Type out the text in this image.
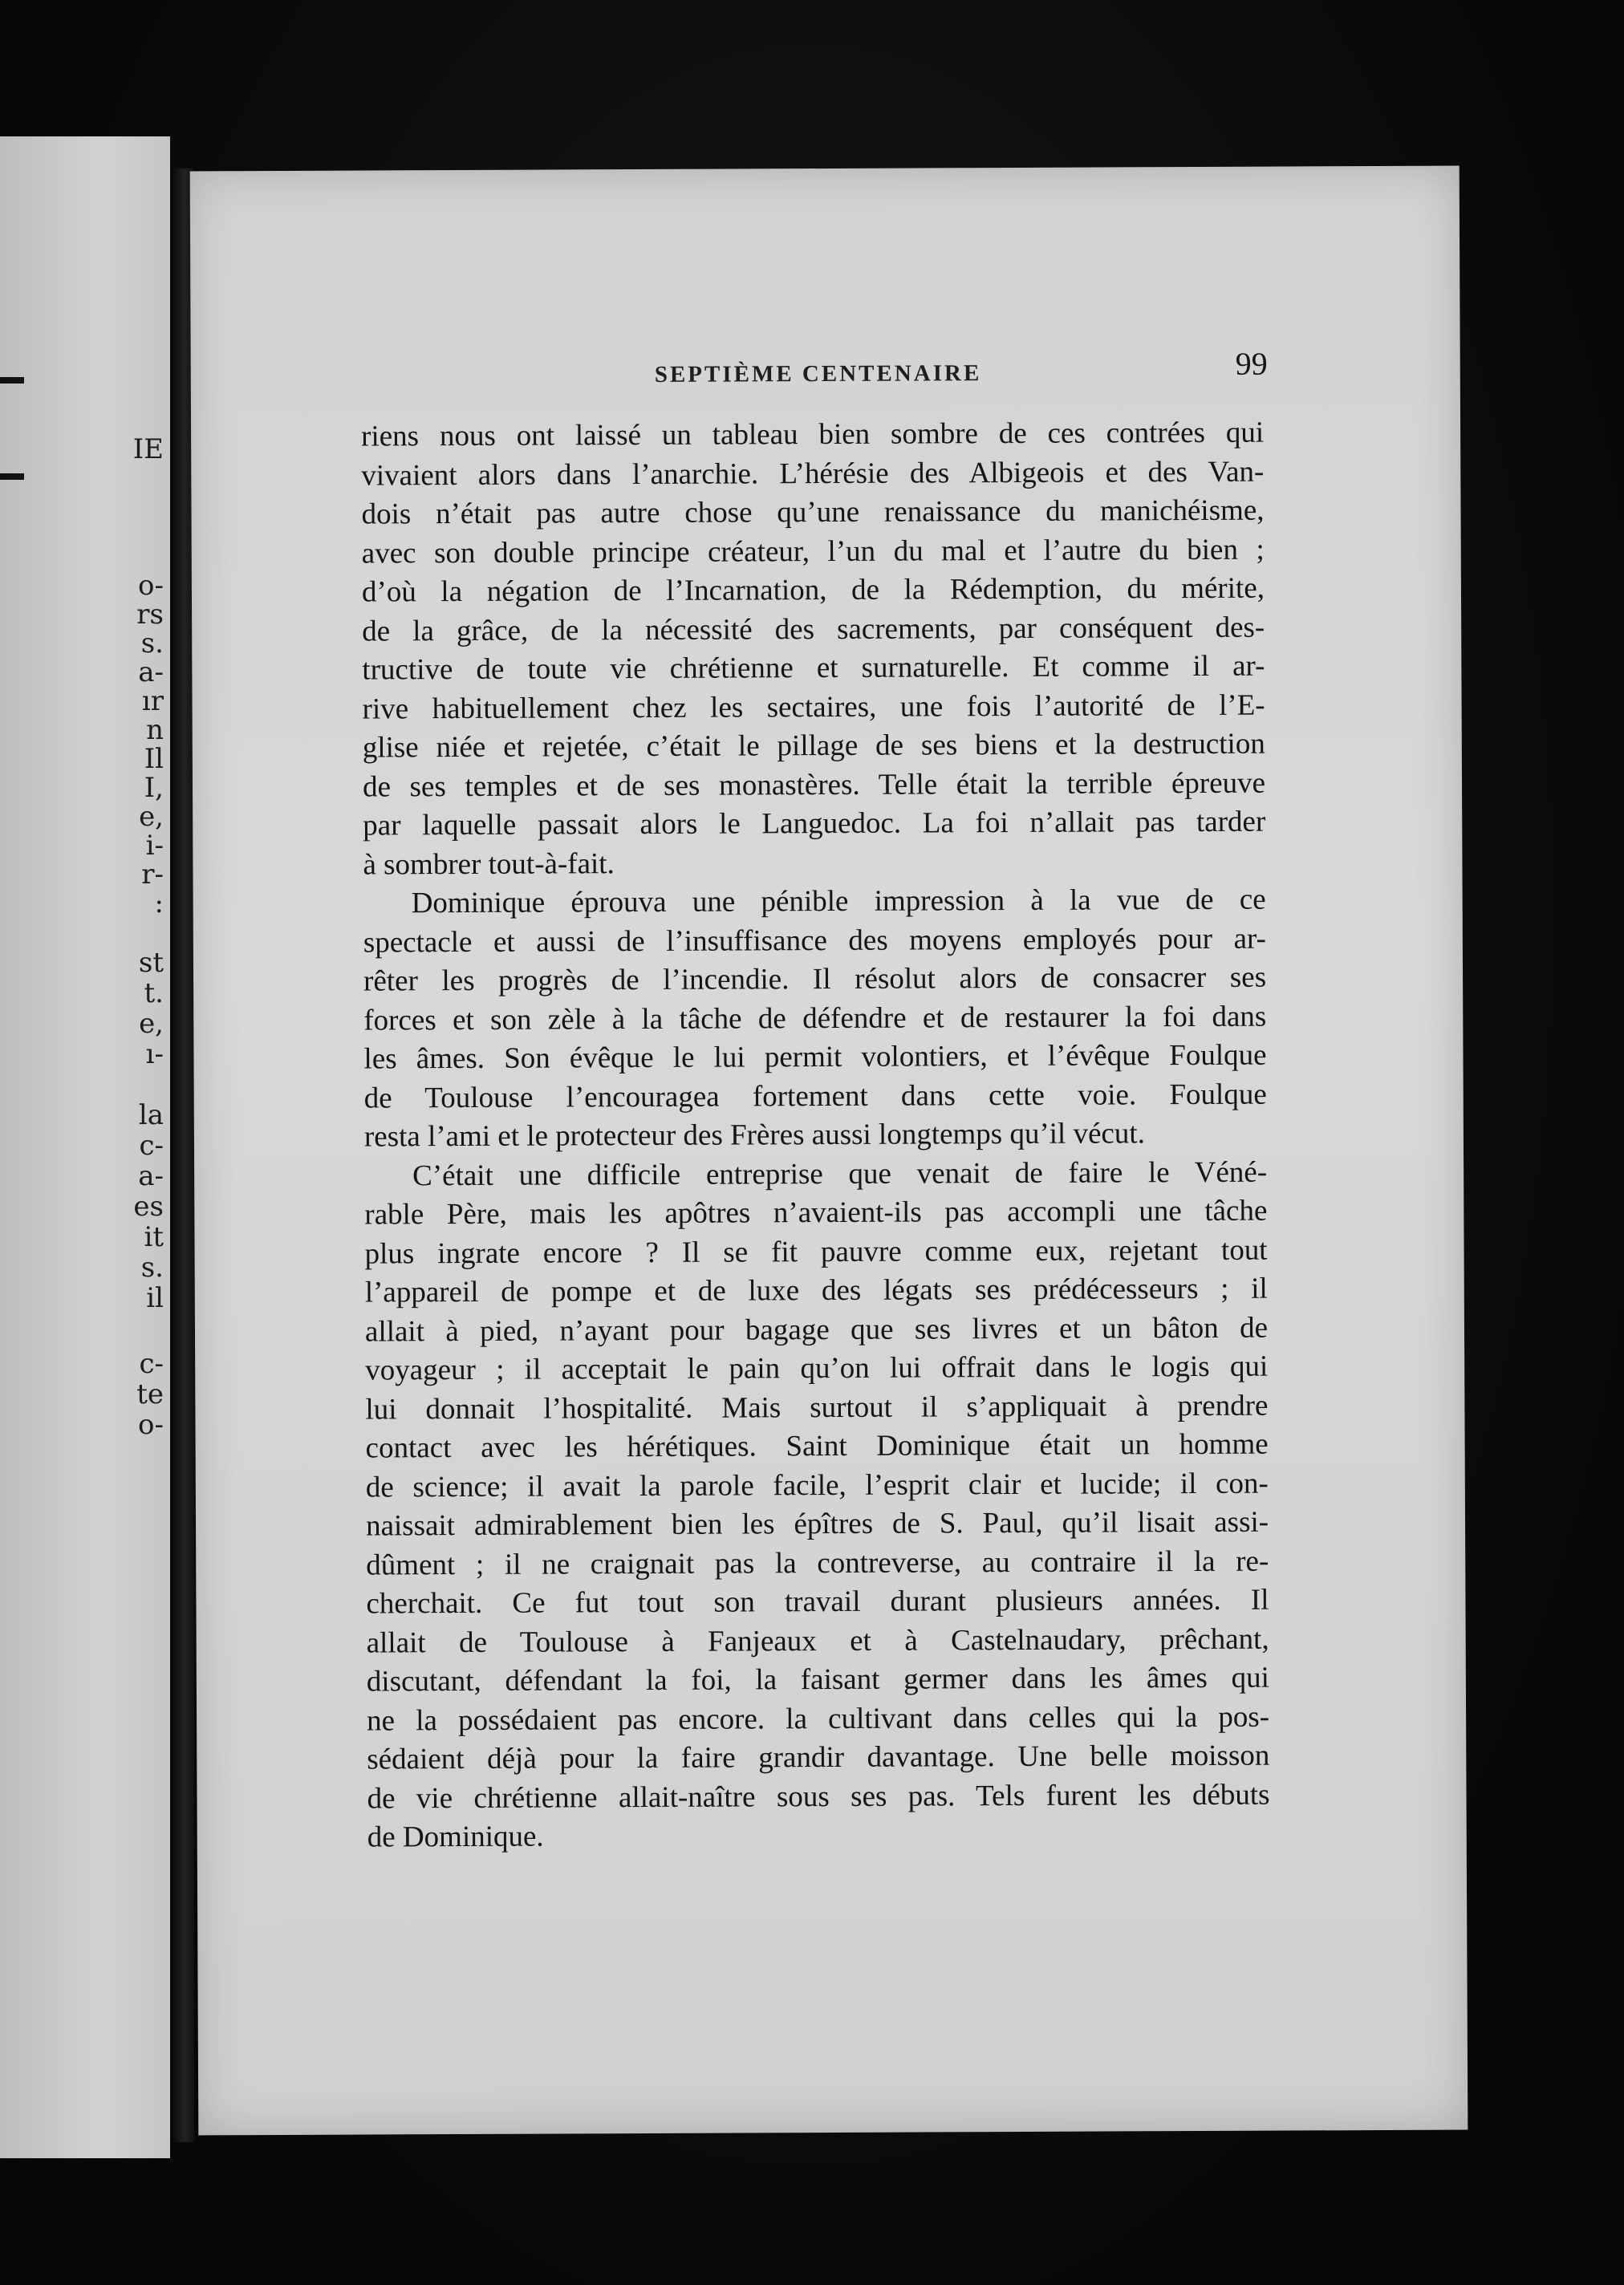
IE
o-
rs
s.
a-
ır
n
Il
I,
e,
i-
r-
:
st
t.
e,
ı-
la
c-
a-
es
it
s.
il
c-
te
o-
SEPTIÈME CENTENAIRE	99
riens nous ont laissé un tableau bien sombre de ces contrées qui
vivaient alors dans l’anarchie. L’hérésie des Albigeois et des Van-
dois n’était pas autre chose qu’une renaissance du manichéisme,
avec son double principe créateur, l’un du mal et l’autre du bien ;
d’où la négation de l’Incarnation, de la Rédemption, du mérite,
de la grâce, de la nécessité des sacrements, par conséquent des-
tructive de toute vie chrétienne et surnaturelle. Et comme il ar-
rive habituellement chez les sectaires, une fois l’autorité de l’E-
glise niée et rejetée, c’était le pillage de ses biens et la destruction
de ses temples et de ses monastères. Telle était la terrible épreuve
par laquelle passait alors le Languedoc. La foi n’allait pas tarder
à sombrer tout-à-fait.
Dominique éprouva une pénible impression à la vue de ce
spectacle et aussi de l’insuffisance des moyens employés pour ar-
rêter les progrès de l’incendie. Il résolut alors de consacrer ses
forces et son zèle à la tâche de défendre et de restaurer la foi dans
les âmes. Son évêque le lui permit volontiers, et l’évêque Foulque
de Toulouse l’encouragea fortement dans cette voie. Foulque
resta l’ami et le protecteur des Frères aussi longtemps qu’il vécut.
C’était une difficile entreprise que venait de faire le Véné-
rable Père, mais les apôtres n’avaient-ils pas accompli une tâche
plus ingrate encore ? Il se fit pauvre comme eux, rejetant tout
l’appareil de pompe et de luxe des légats ses prédécesseurs ; il
allait à pied, n’ayant pour bagage que ses livres et un bâton de
voyageur ; il acceptait le pain qu’on lui offrait dans le logis qui
lui donnait l’hospitalité. Mais surtout il s’appliquait à prendre
contact avec les hérétiques. Saint Dominique était un homme
de science; il avait la parole facile, l’esprit clair et lucide; il con-
naissait admirablement bien les épîtres de S. Paul, qu’il lisait assi-
dûment ; il ne craignait pas la contreverse, au contraire il la re-
cherchait. Ce fut tout son travail durant plusieurs années. Il
allait de Toulouse à Fanjeaux et à Castelnaudary, prêchant,
discutant, défendant la foi, la faisant germer dans les âmes qui
ne la possédaient pas encore. la cultivant dans celles qui la pos-
sédaient déjà pour la faire grandir davantage. Une belle moisson
de vie chrétienne allait-naître sous ses pas. Tels furent les débuts
de Dominique.
